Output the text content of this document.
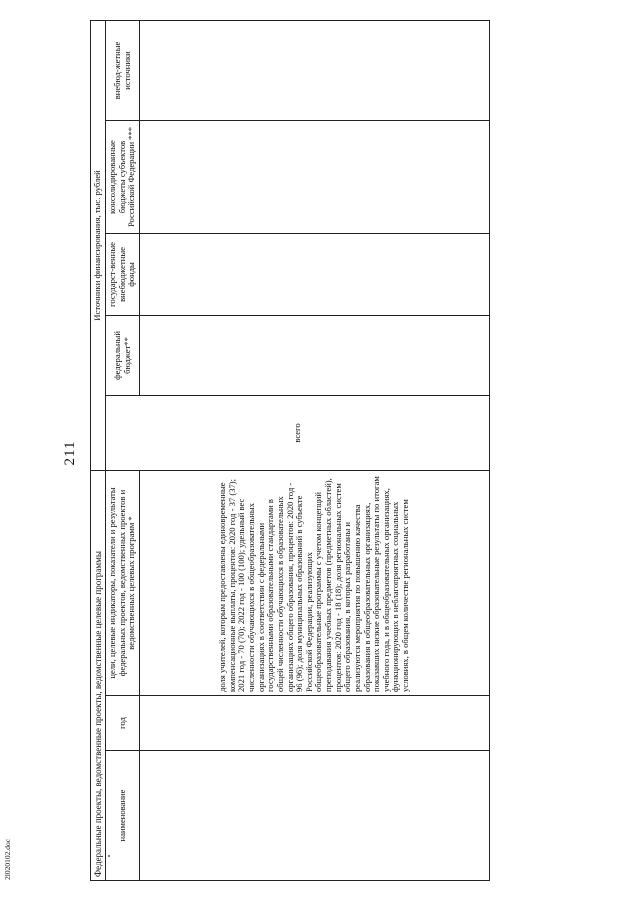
2l020102.doc
211
Федеральные проекты, ведомственные проекты, ведомственные целевые программы			Источники финансирования, тыс. рублей				
наименование	год	цели, целевые индикаторы, показатели и результаты федеральных проектов, ведомственных проектов и ведомственных целевых программ *	всего	федеральный бюджет**	государст-венные внебюджетные фонды	консолидированные бюджеты субъектов Российской Федерации ***	внебюд-жетные источники

		доля учителей, которым предоставлены единовременные компенсационные выплаты, процентов: 2020 год - 37 (37); 2021 год - 70 (70); 2022 год - 100 (100); удельный вес численности обучающихся в общеобразовательных организациях в соответствии с федеральными государственными образовательными стандартами в общей численности обучающихся в образовательных организациях общего образования, процентов: 2020 год - 96 (96); доля муниципальных образований в субъекте Российской Федерации, реализующих общеобразовательные программы с учетом концепций преподавания учебных предметов (предметных областей), процентов: 2020 год - 18 (18); доля региональных систем общего образования, в которых разработаны и реализуются мероприятия по повышению качества образования в общеобразовательных организациях, показавших низкие образовательные результаты по итогам учебного года, и в общеобразовательных организациях, функционирующих в неблагоприятных социальных условиях, в общем количестве региональных систем					
